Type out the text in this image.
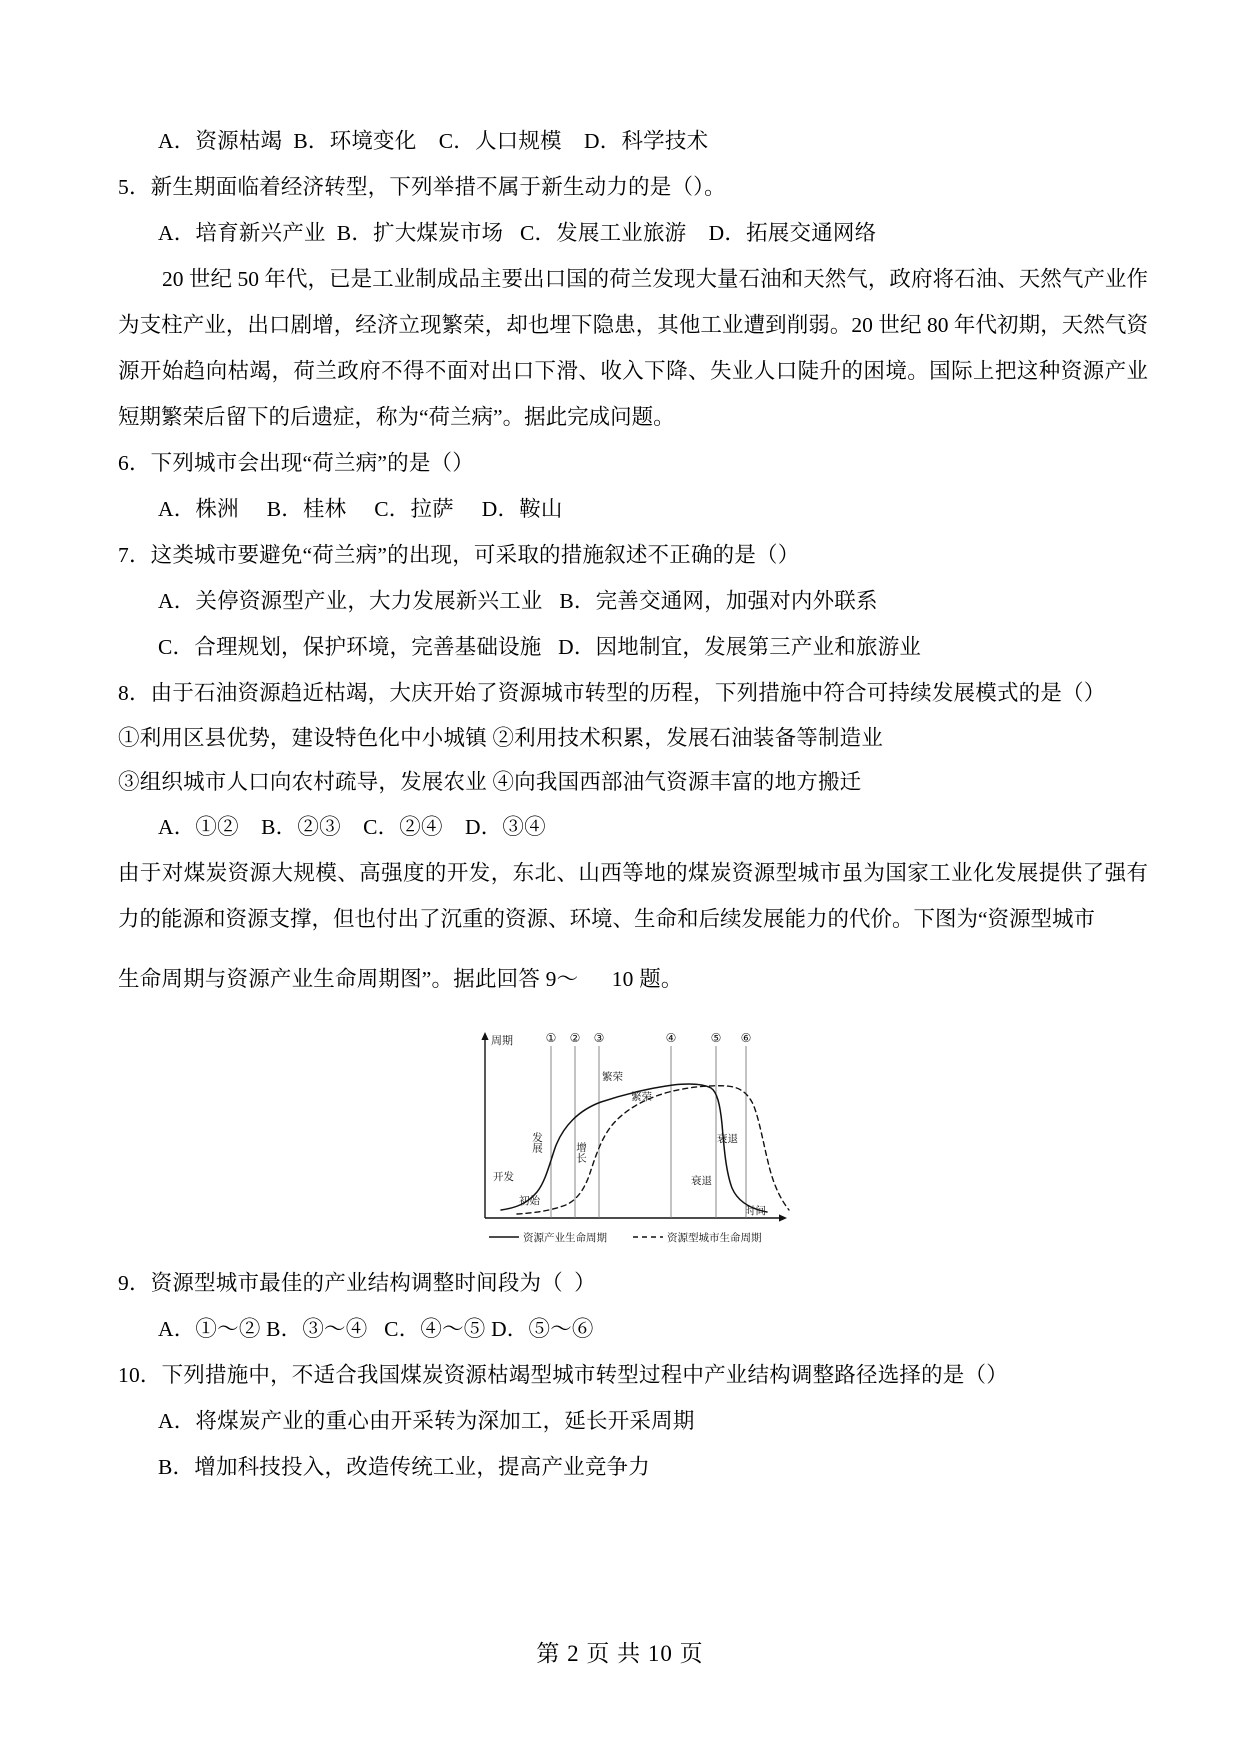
A．资源枯竭  B．环境变化    C．人口规模    D．科学技术
5．新生期面临着经济转型，下列举措不属于新生动力的是（）。
A．培育新兴产业  B．扩大煤炭市场   C．发展工业旅游    D．拓展交通网络
20 世纪 50 年代，已是工业制成品主要出口国的荷兰发现大量石油和天然气，政府将石油、天然气产业作为支柱产业，出口剧增，经济立现繁荣，却也埋下隐患，其他工业遭到削弱。20 世纪 80 年代初期，天然气资源开始趋向枯竭，荷兰政府不得不面对出口下滑、收入下降、失业人口陡升的困境。国际上把这种资源产业短期繁荣后留下的后遗症，称为“荷兰病”。据此完成问题。
6．下列城市会出现“荷兰病”的是（）
A．株洲     B．桂林     C．拉萨     D．鞍山
7．这类城市要避免“荷兰病”的出现，可采取的措施叙述不正确的是（）
A．关停资源型产业，大力发展新兴工业   B．完善交通网，加强对内外联系
C．合理规划，保护环境，完善基础设施   D．因地制宜，发展第三产业和旅游业
8．由于石油资源趋近枯竭，大庆开始了资源城市转型的历程，下列措施中符合可持续发展模式的是（）
①利用区县优势，建设特色化中小城镇 ②利用技术积累，发展石油装备等制造业
③组织城市人口向农村疏导，发展农业 ④向我国西部油气资源丰富的地方搬迁
A．①②    B．②③    C．②④    D．③④
由于对煤炭资源大规模、高强度的开发，东北、山西等地的煤炭资源型城市虽为国家工业化发展提供了强有力的能源和资源支撑，但也付出了沉重的资源、环境、生命和后续发展能力的代价。下图为“资源型城市
生命周期与资源产业生命周期图”。据此回答 9～      10 题。
周期
时间
① ② ③	④	⑤ ⑥
繁荣
繁荣
发展
开发
初始
增长
衰退
衰退
资源产业生命周期	资源型城市生命周期
9．资源型城市最佳的产业结构调整时间段为（  ）
A．①～② B．③～④   C．④～⑤ D．⑤～⑥
10．下列措施中，不适合我国煤炭资源枯竭型城市转型过程中产业结构调整路径选择的是（）
A．将煤炭产业的重心由开采转为深加工，延长开采周期
B．增加科技投入，改造传统工业，提高产业竞争力
第 2 页 共 10 页
